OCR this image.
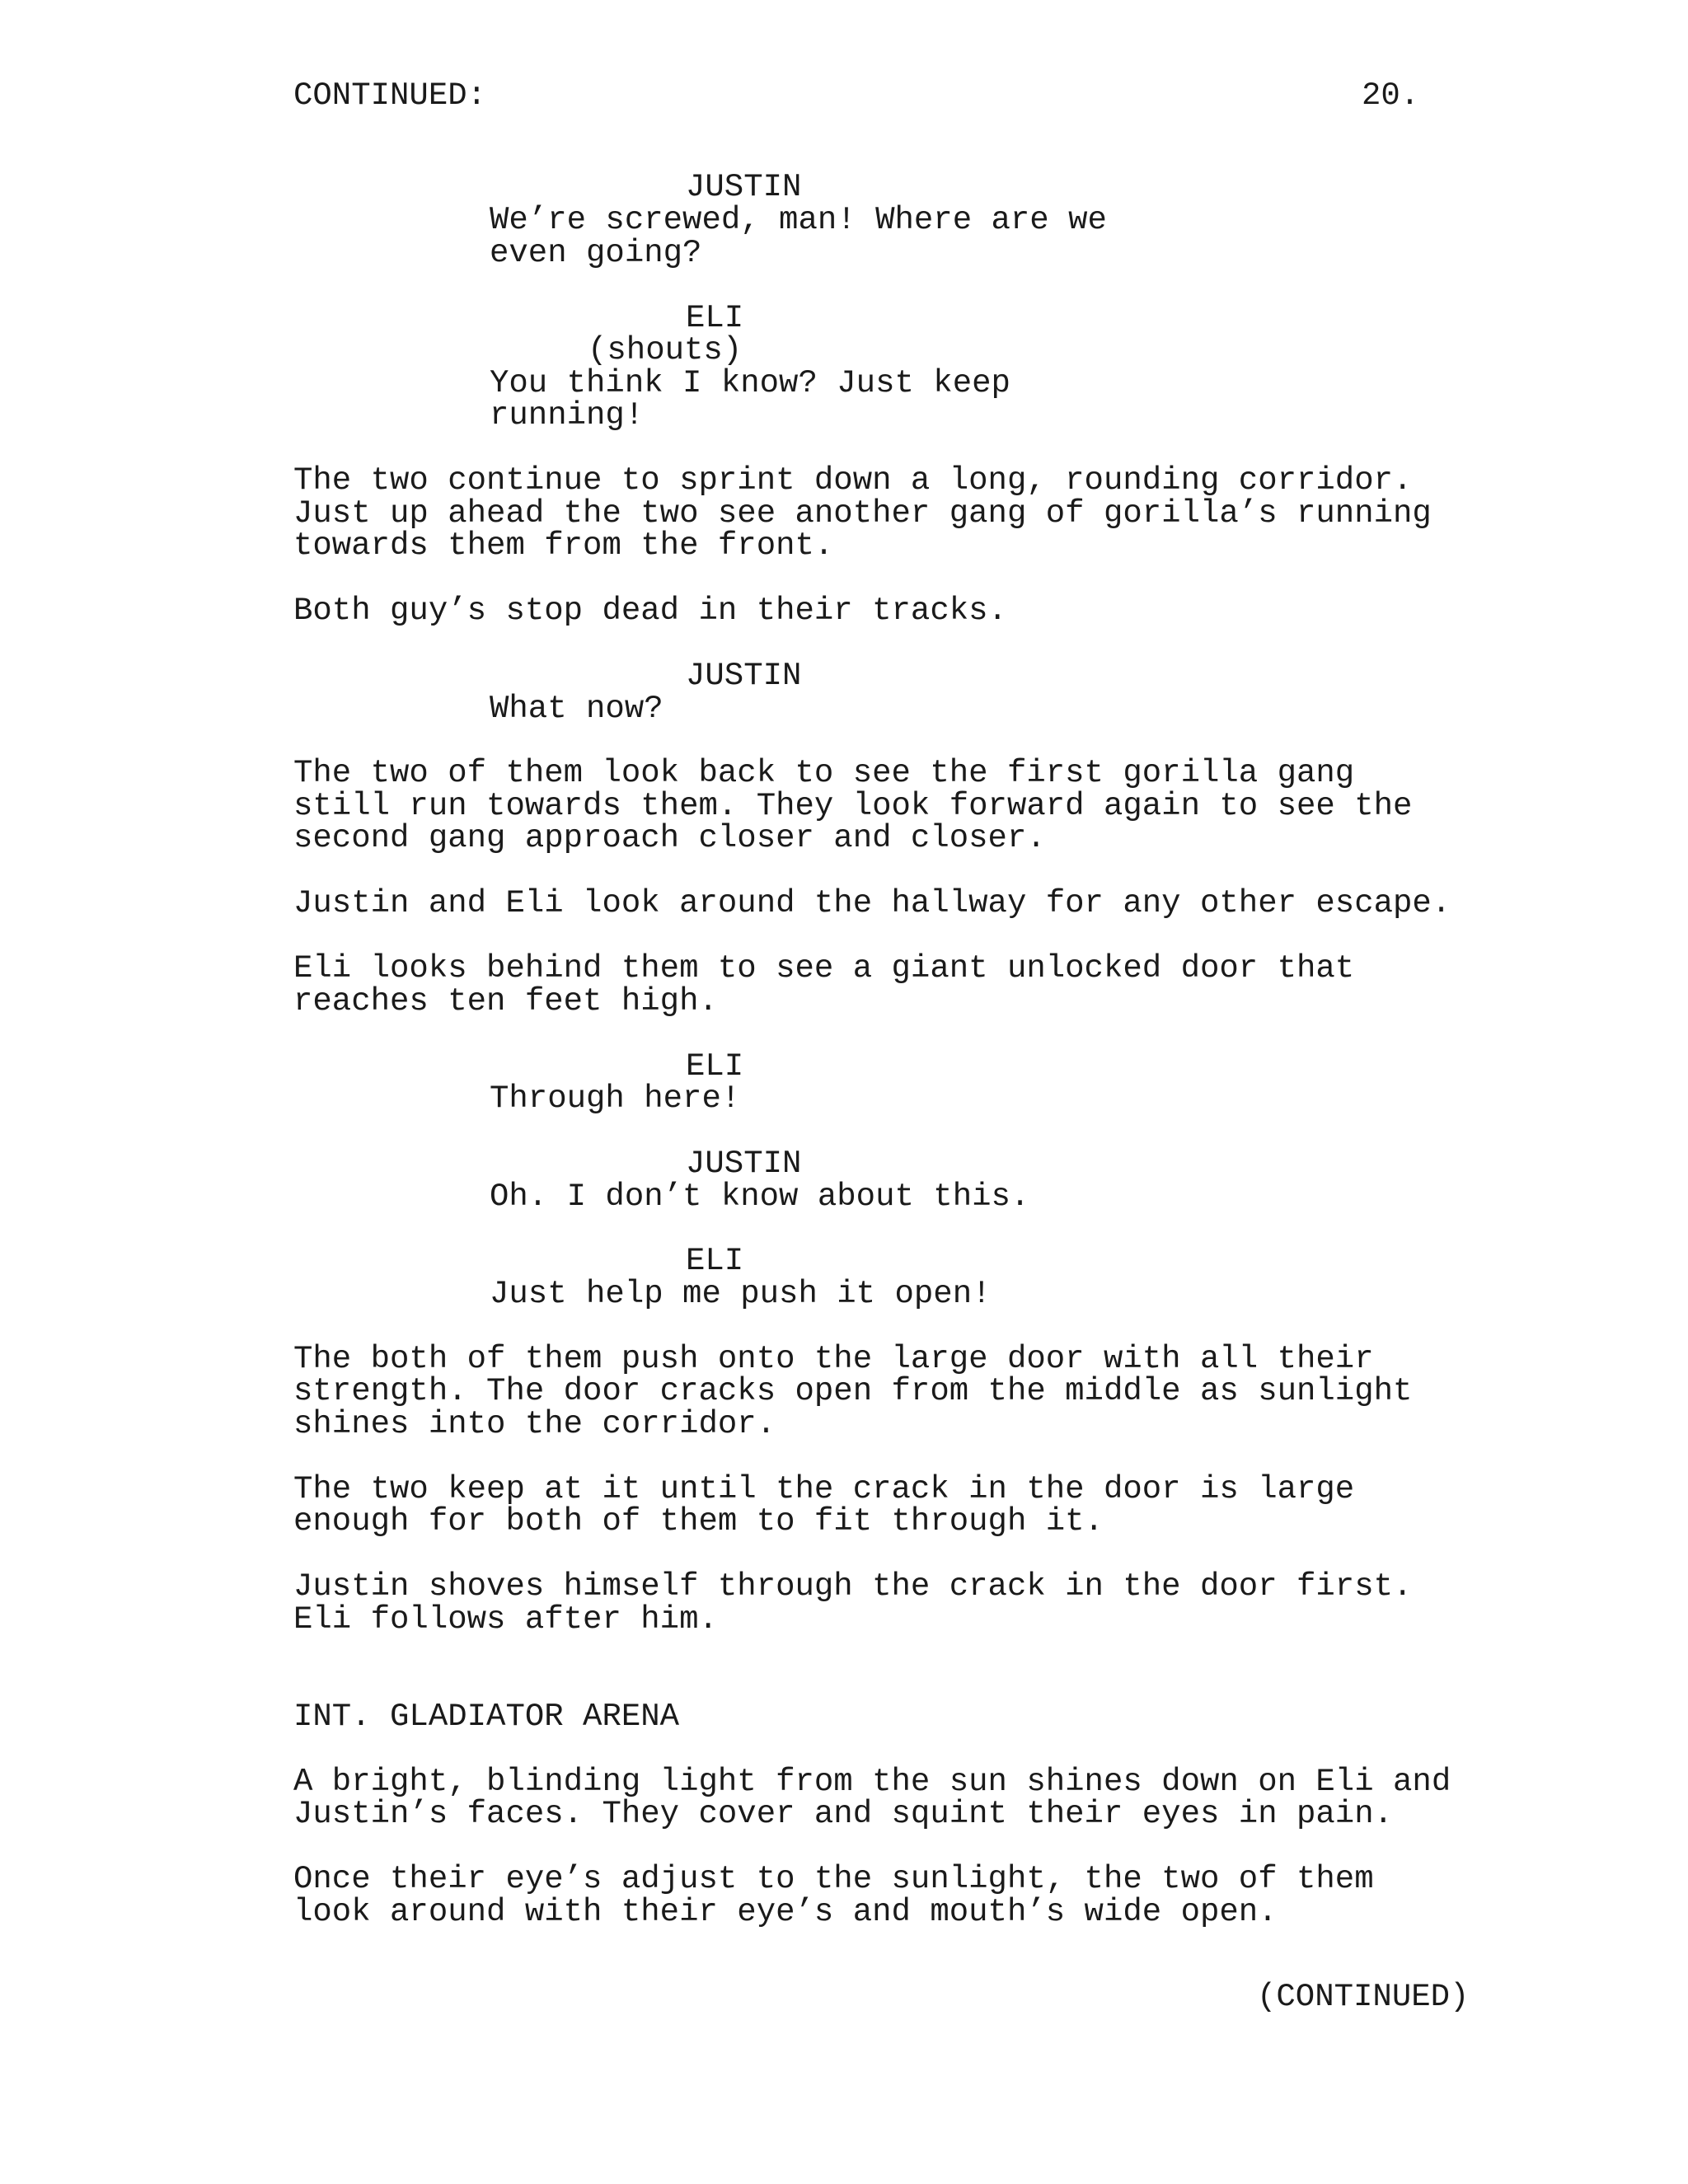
CONTINUED:	20.
JUSTIN
We’re screwed, man! Where are we
even going?
ELI
(shouts)
You think I know? Just keep
running!
The two continue to sprint down a long, rounding corridor.
Just up ahead the two see another gang of gorilla’s running
towards them from the front.
Both guy’s stop dead in their tracks.
JUSTIN
What now?
The two of them look back to see the first gorilla gang
still run towards them. They look forward again to see the
second gang approach closer and closer.
Justin and Eli look around the hallway for any other escape.
Eli looks behind them to see a giant unlocked door that
reaches ten feet high.
ELI
Through here!
JUSTIN
Oh. I don’t know about this.
ELI
Just help me push it open!
The both of them push onto the large door with all their
strength. The door cracks open from the middle as sunlight
shines into the corridor.
The two keep at it until the crack in the door is large
enough for both of them to fit through it.
Justin shoves himself through the crack in the door first.
Eli follows after him.
INT. GLADIATOR ARENA
A bright, blinding light from the sun shines down on Eli and
Justin’s faces. They cover and squint their eyes in pain.
Once their eye’s adjust to the sunlight, the two of them
look around with their eye’s and mouth’s wide open.
(CONTINUED)
